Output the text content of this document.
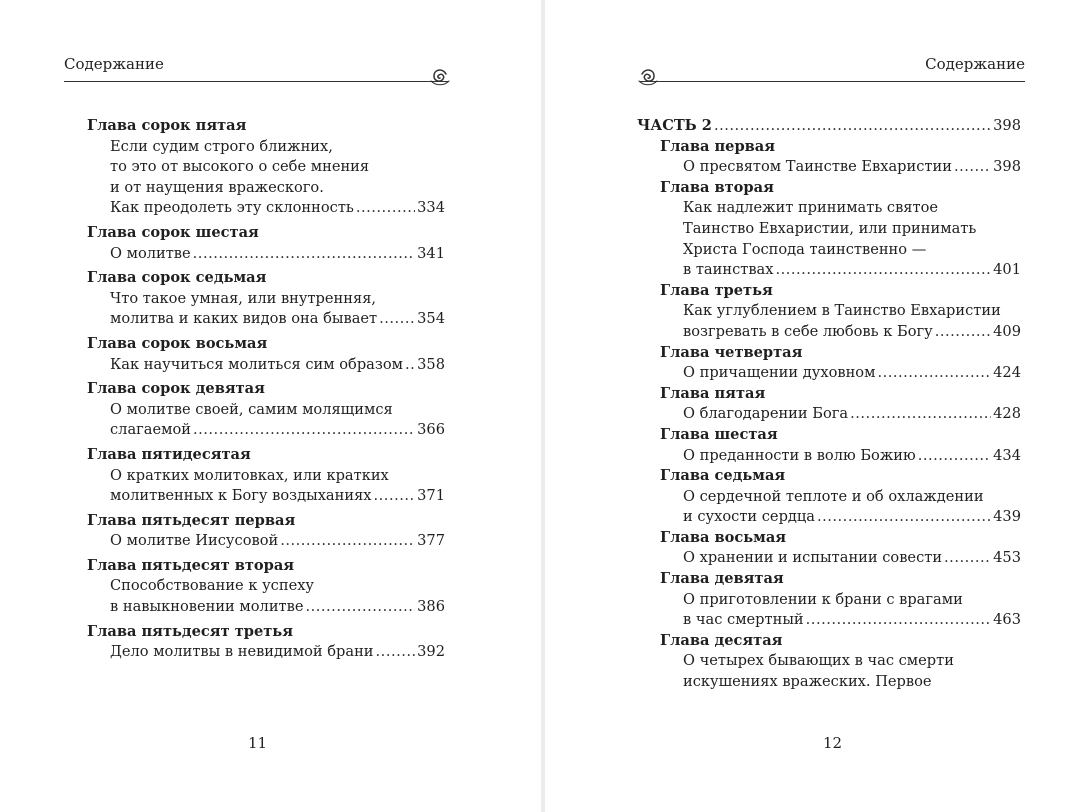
Содержание
Глава сорок пятая
Если судим строго ближних,
то это от высокого о себе мнения
и от наущения вражеского.
Как преодолеть эту склонность .....	334
Глава сорок шестая
О молитве .....	341
Глава сорок седьмая
Что такое умная, или внутренняя,
молитва и каких видов она бывает .....	354
Глава сорок восьмая
Как научиться молиться сим образом ..... 358
Глава сорок девятая
О молитве своей, самим молящимся
слагаемой .....	366
Глава пятидесятая
О кратких молитовках, или кратких
молитвенных к Богу воздыханиях .....	371
Глава пятьдесят первая
О молитве Иисусовой .....	377
Глава пятьдесят вторая
Способствование к успеху
в навыкновении молитве .....	386
Глава пятьдесят третья
Дело молитвы в невидимой брани .....	392
11
Содержание
ЧАСТЬ 2 .....	398
Глава первая
О пресвятом Таинстве Евхаристии .....	398
Глава вторая
Как надлежит принимать святое
Таинство Евхаристии, или принимать
Христа Господа таинственно —
в таинствах .....	401
Глава третья
Как углублением в Таинство Евхаристии
возгревать в себе любовь к Богу .....	409
Глава четвертая
О причащении духовном .....	424
Глава пятая
О благодарении Бога .....	428
Глава шестая
О преданности в волю Божию .....	434
Глава седьмая
О сердечной теплоте и об охлаждении
и сухости сердца .....	439
Глава восьмая
О хранении и испытании совести .....	453
Глава девятая
О приготовлении к брани с врагами
в час смертный .....	463
Глава десятая
О четырех бывающих в час смерти
искушениях вражеских. Первое
12
